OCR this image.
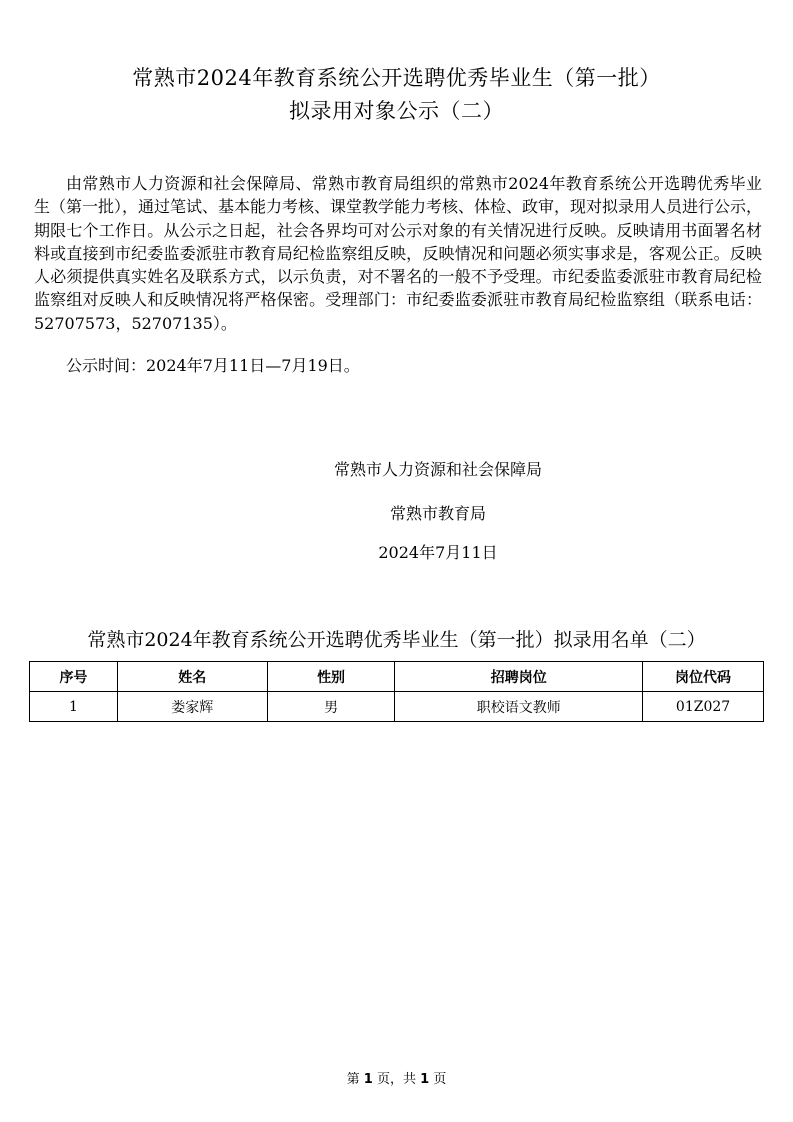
常熟市2024年教育系统公开选聘优秀毕业生（第一批）
拟录用对象公示（二）
由常熟市人力资源和社会保障局、常熟市教育局组织的常熟市2024年教育系统公开选聘优秀毕业生（第一批），通过笔试、基本能力考核、课堂教学能力考核、体检、政审，现对拟录用人员进行公示，期限七个工作日。从公示之日起，社会各界均可对公示对象的有关情况进行反映。反映请用书面署名材料或直接到市纪委监委派驻市教育局纪检监察组反映，反映情况和问题必须实事求是，客观公正。反映人必须提供真实姓名及联系方式，以示负责，对不署名的一般不予受理。市纪委监委派驻市教育局纪检监察组对反映人和反映情况将严格保密。受理部门：市纪委监委派驻市教育局纪检监察组（联系电话：52707573，52707135）。
公示时间：2024年7月11日—7月19日。
常熟市人力资源和社会保障局
常熟市教育局
2024年7月11日
常熟市2024年教育系统公开选聘优秀毕业生（第一批）拟录用名单（二）
序号	姓名	性别	招聘岗位	岗位代码
1	娄家辉	男	职校语文教师	01Z027
第 1 页，共 1 页
